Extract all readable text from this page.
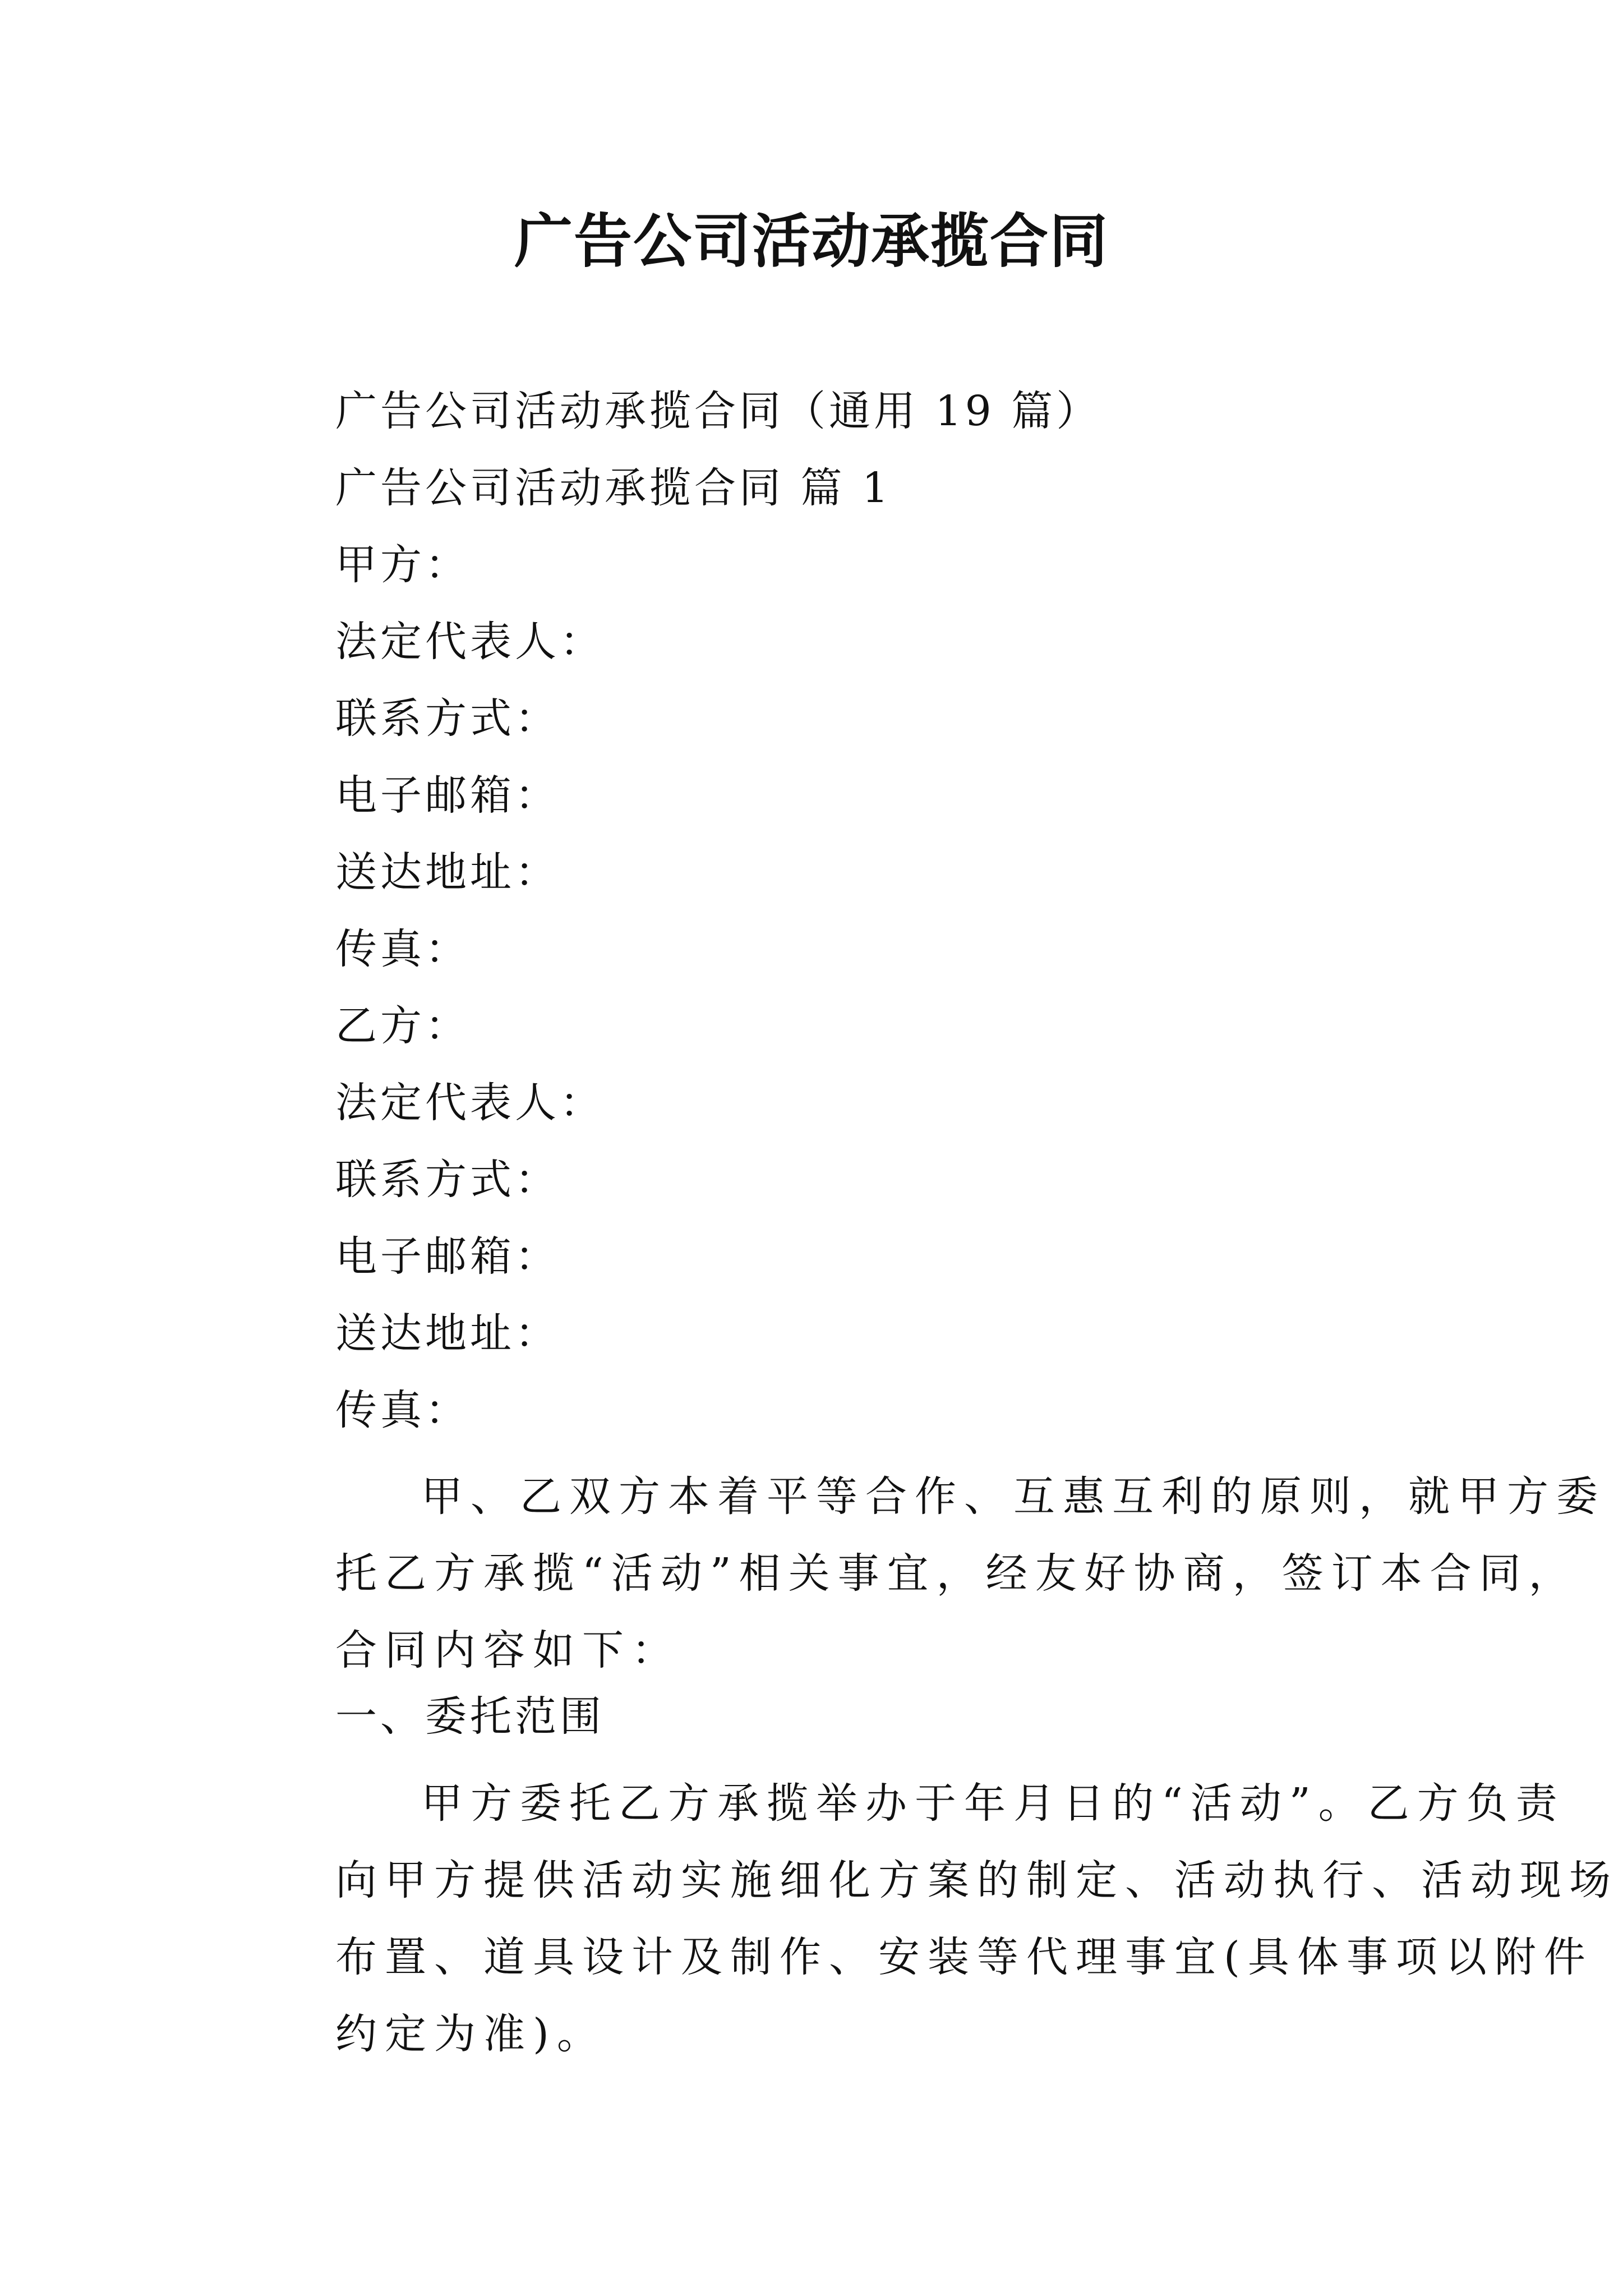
广告公司活动承揽合同
广告公司活动承揽合同（通用 19 篇）
广告公司活动承揽合同 篇 1
甲方：
法定代表人：
联系方式：
电子邮箱：
送达地址：
传真：
乙方：
法定代表人：
联系方式：
电子邮箱：
送达地址：
传真：
甲、乙双方本着平等合作、互惠互利的原则，就甲方委
托乙方承揽“活动”相关事宜，经友好协商，签订本合同，
合同内容如下：
一、委托范围
甲方委托乙方承揽举办于年月日的“活动”。乙方负责
向甲方提供活动实施细化方案的制定、活动执行、活动现场
布置、道具设计及制作、安装等代理事宜(具体事项以附件
约定为准)。
